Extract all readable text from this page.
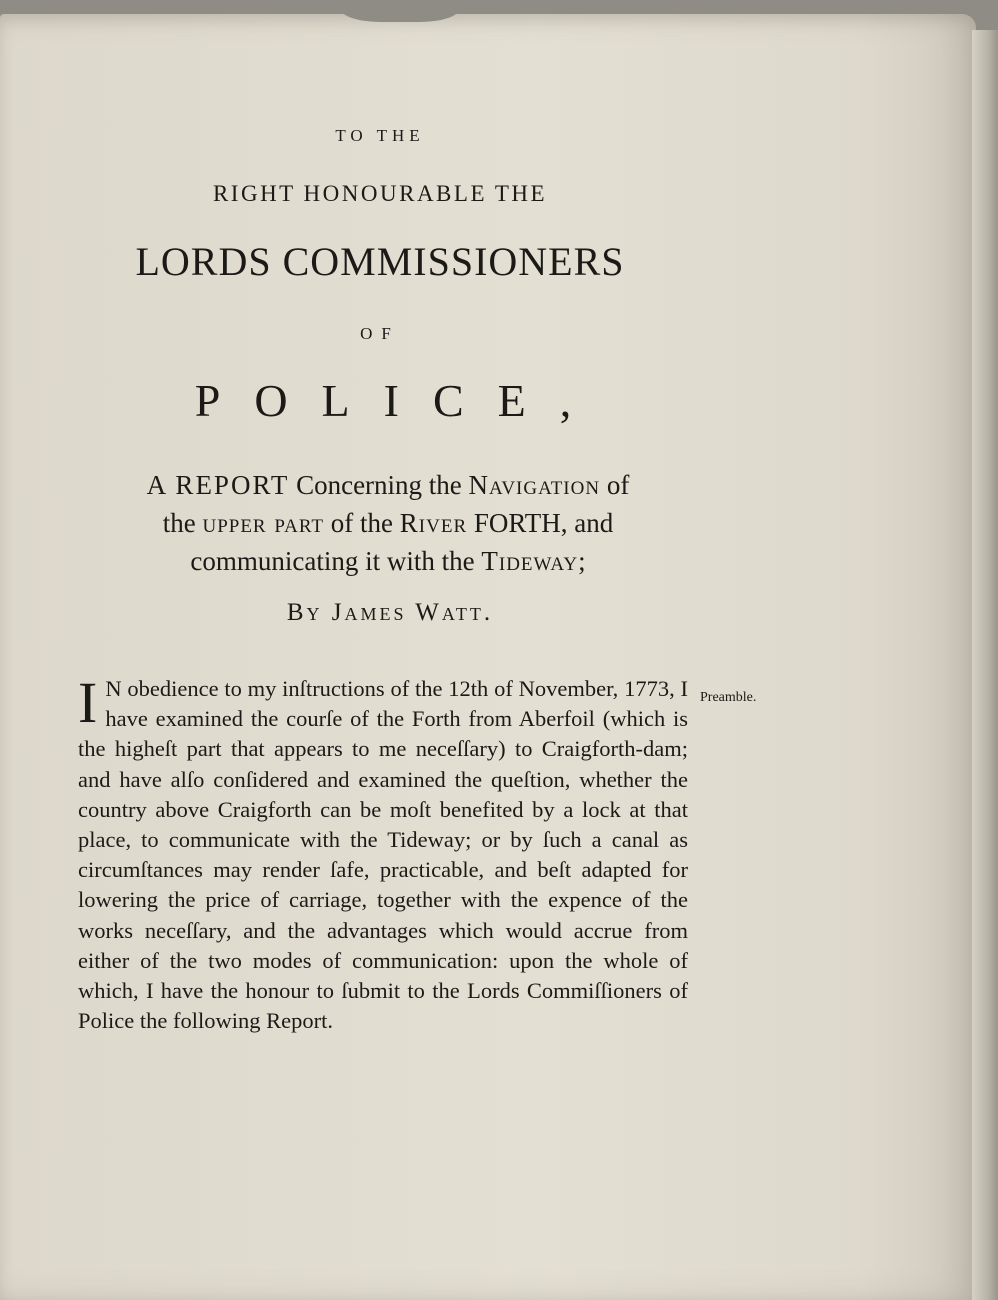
TO THE
RIGHT HONOURABLE THE
LORDS COMMISSIONERS
OF
POLICE,
A REPORT Concerning the Navigation of
the upper part of the River FORTH, and
communicating it with the Tideway;
By James Watt.
I N obedience to my inſtructions of the 12th of November, 1773, I have examined the courſe of the Forth from Aberfoil (which is the higheſt part that appears to me neceſſary) to Craigforth-dam; and have alſo conſidered and examined the queſtion, whether the country above Craigforth can be moſt benefited by a lock at that place, to communicate with the Tideway; or by ſuch a canal as circumſtances may render ſafe, practicable, and beſt adapted for lowering the price of carriage, together with the expence of the works neceſſary, and the advantages which would accrue from either of the two modes of communication: upon the whole of which, I have the honour to ſubmit to the Lords Commiſſioners of Police the following Report.
Preamble.
